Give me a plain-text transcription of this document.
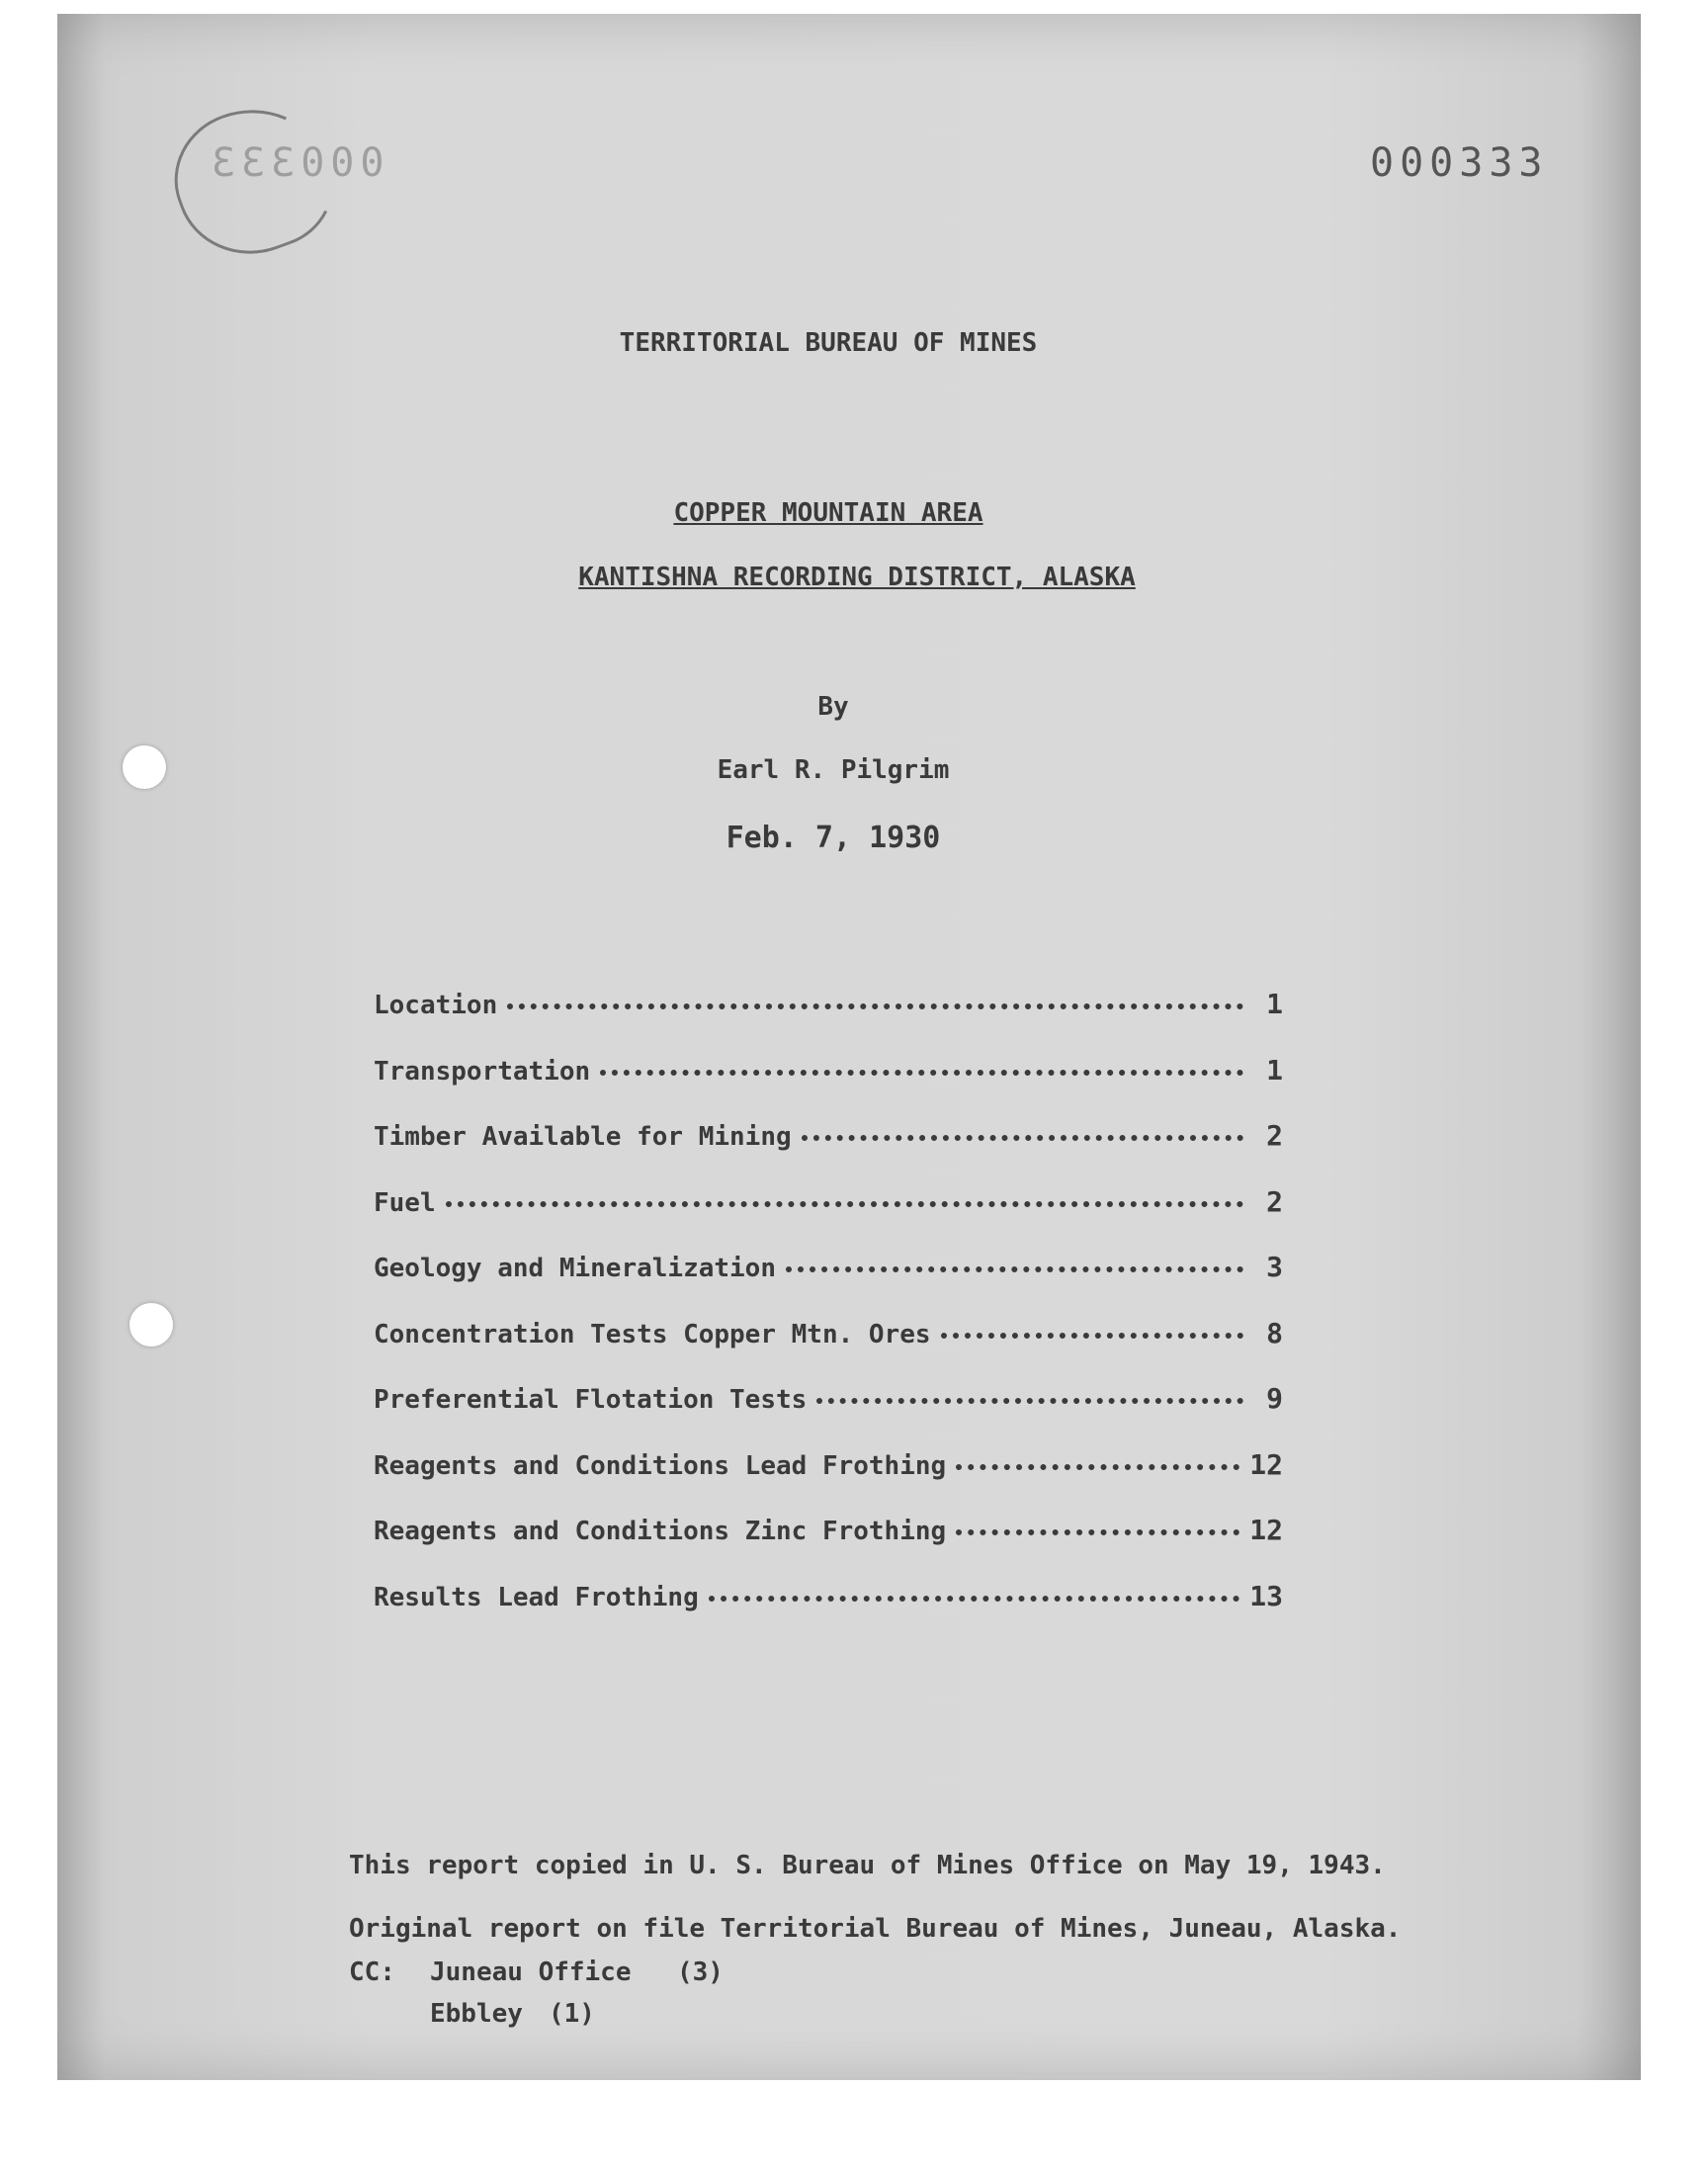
000333	000333
TERRITORIAL BUREAU OF MINES
COPPER MOUNTAIN AREA
KANTISHNA RECORDING DISTRICT, ALASKA
By
Earl R. Pilgrim
Feb. 7, 1930
Location	1
Transportation	1
Timber Available for Mining	2
Fuel	2
Geology and Mineralization	3
Concentration Tests Copper Mtn. Ores	8
Preferential Flotation Tests	9
Reagents and Conditions Lead Frothing	12
Reagents and Conditions Zinc Frothing	12
Results Lead Frothing	13
This report copied in U. S. Bureau of Mines Office on May 19, 1943.
Original report on file Territorial Bureau of Mines, Juneau, Alaska.
CC:	Juneau Office	(3)
Ebbley	(1)
